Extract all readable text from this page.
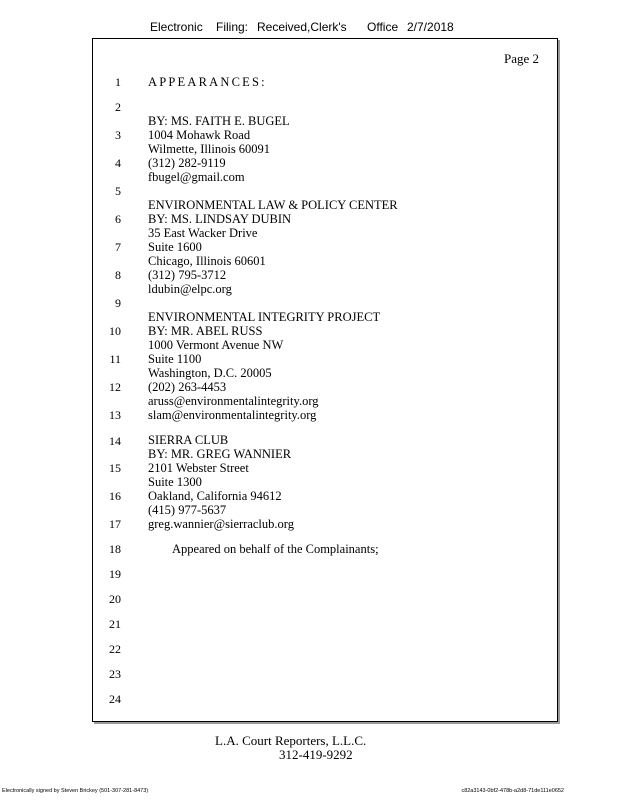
Electronic Filing: Received,Clerk's Office 2/7/2018
Page 2
1
2
3
4
5
6
7
8
9
10
11
12
13
14
15
16
17
18
19
20
21
22
23
24
APPEARANCES:
BY: MS. FAITH E. BUGEL
1004 Mohawk Road
Wilmette, Illinois 60091
(312) 282-9119
fbugel@gmail.com
ENVIRONMENTAL LAW & POLICY CENTER
BY: MS. LINDSAY DUBIN
35 East Wacker Drive
Suite 1600
Chicago, Illinois 60601
(312) 795-3712
ldubin@elpc.org
ENVIRONMENTAL INTEGRITY PROJECT
BY: MR. ABEL RUSS
1000 Vermont Avenue NW
Suite 1100
Washington, D.C. 20005
(202) 263-4453
aruss@environmentalintegrity.org
slam@environmentalintegrity.org
SIERRA CLUB
BY: MR. GREG WANNIER
2101 Webster Street
Suite 1300
Oakland, California 94612
(415) 977-5637
greg.wannier@sierraclub.org
Appeared on behalf of the Complainants;
L.A. Court Reporters, L.L.C.
312-419-9292
Electronically signed by Steven Brickey (501-307-281-8473)	c82a3143-0bf2-478b-a2d8-71de111e0652
